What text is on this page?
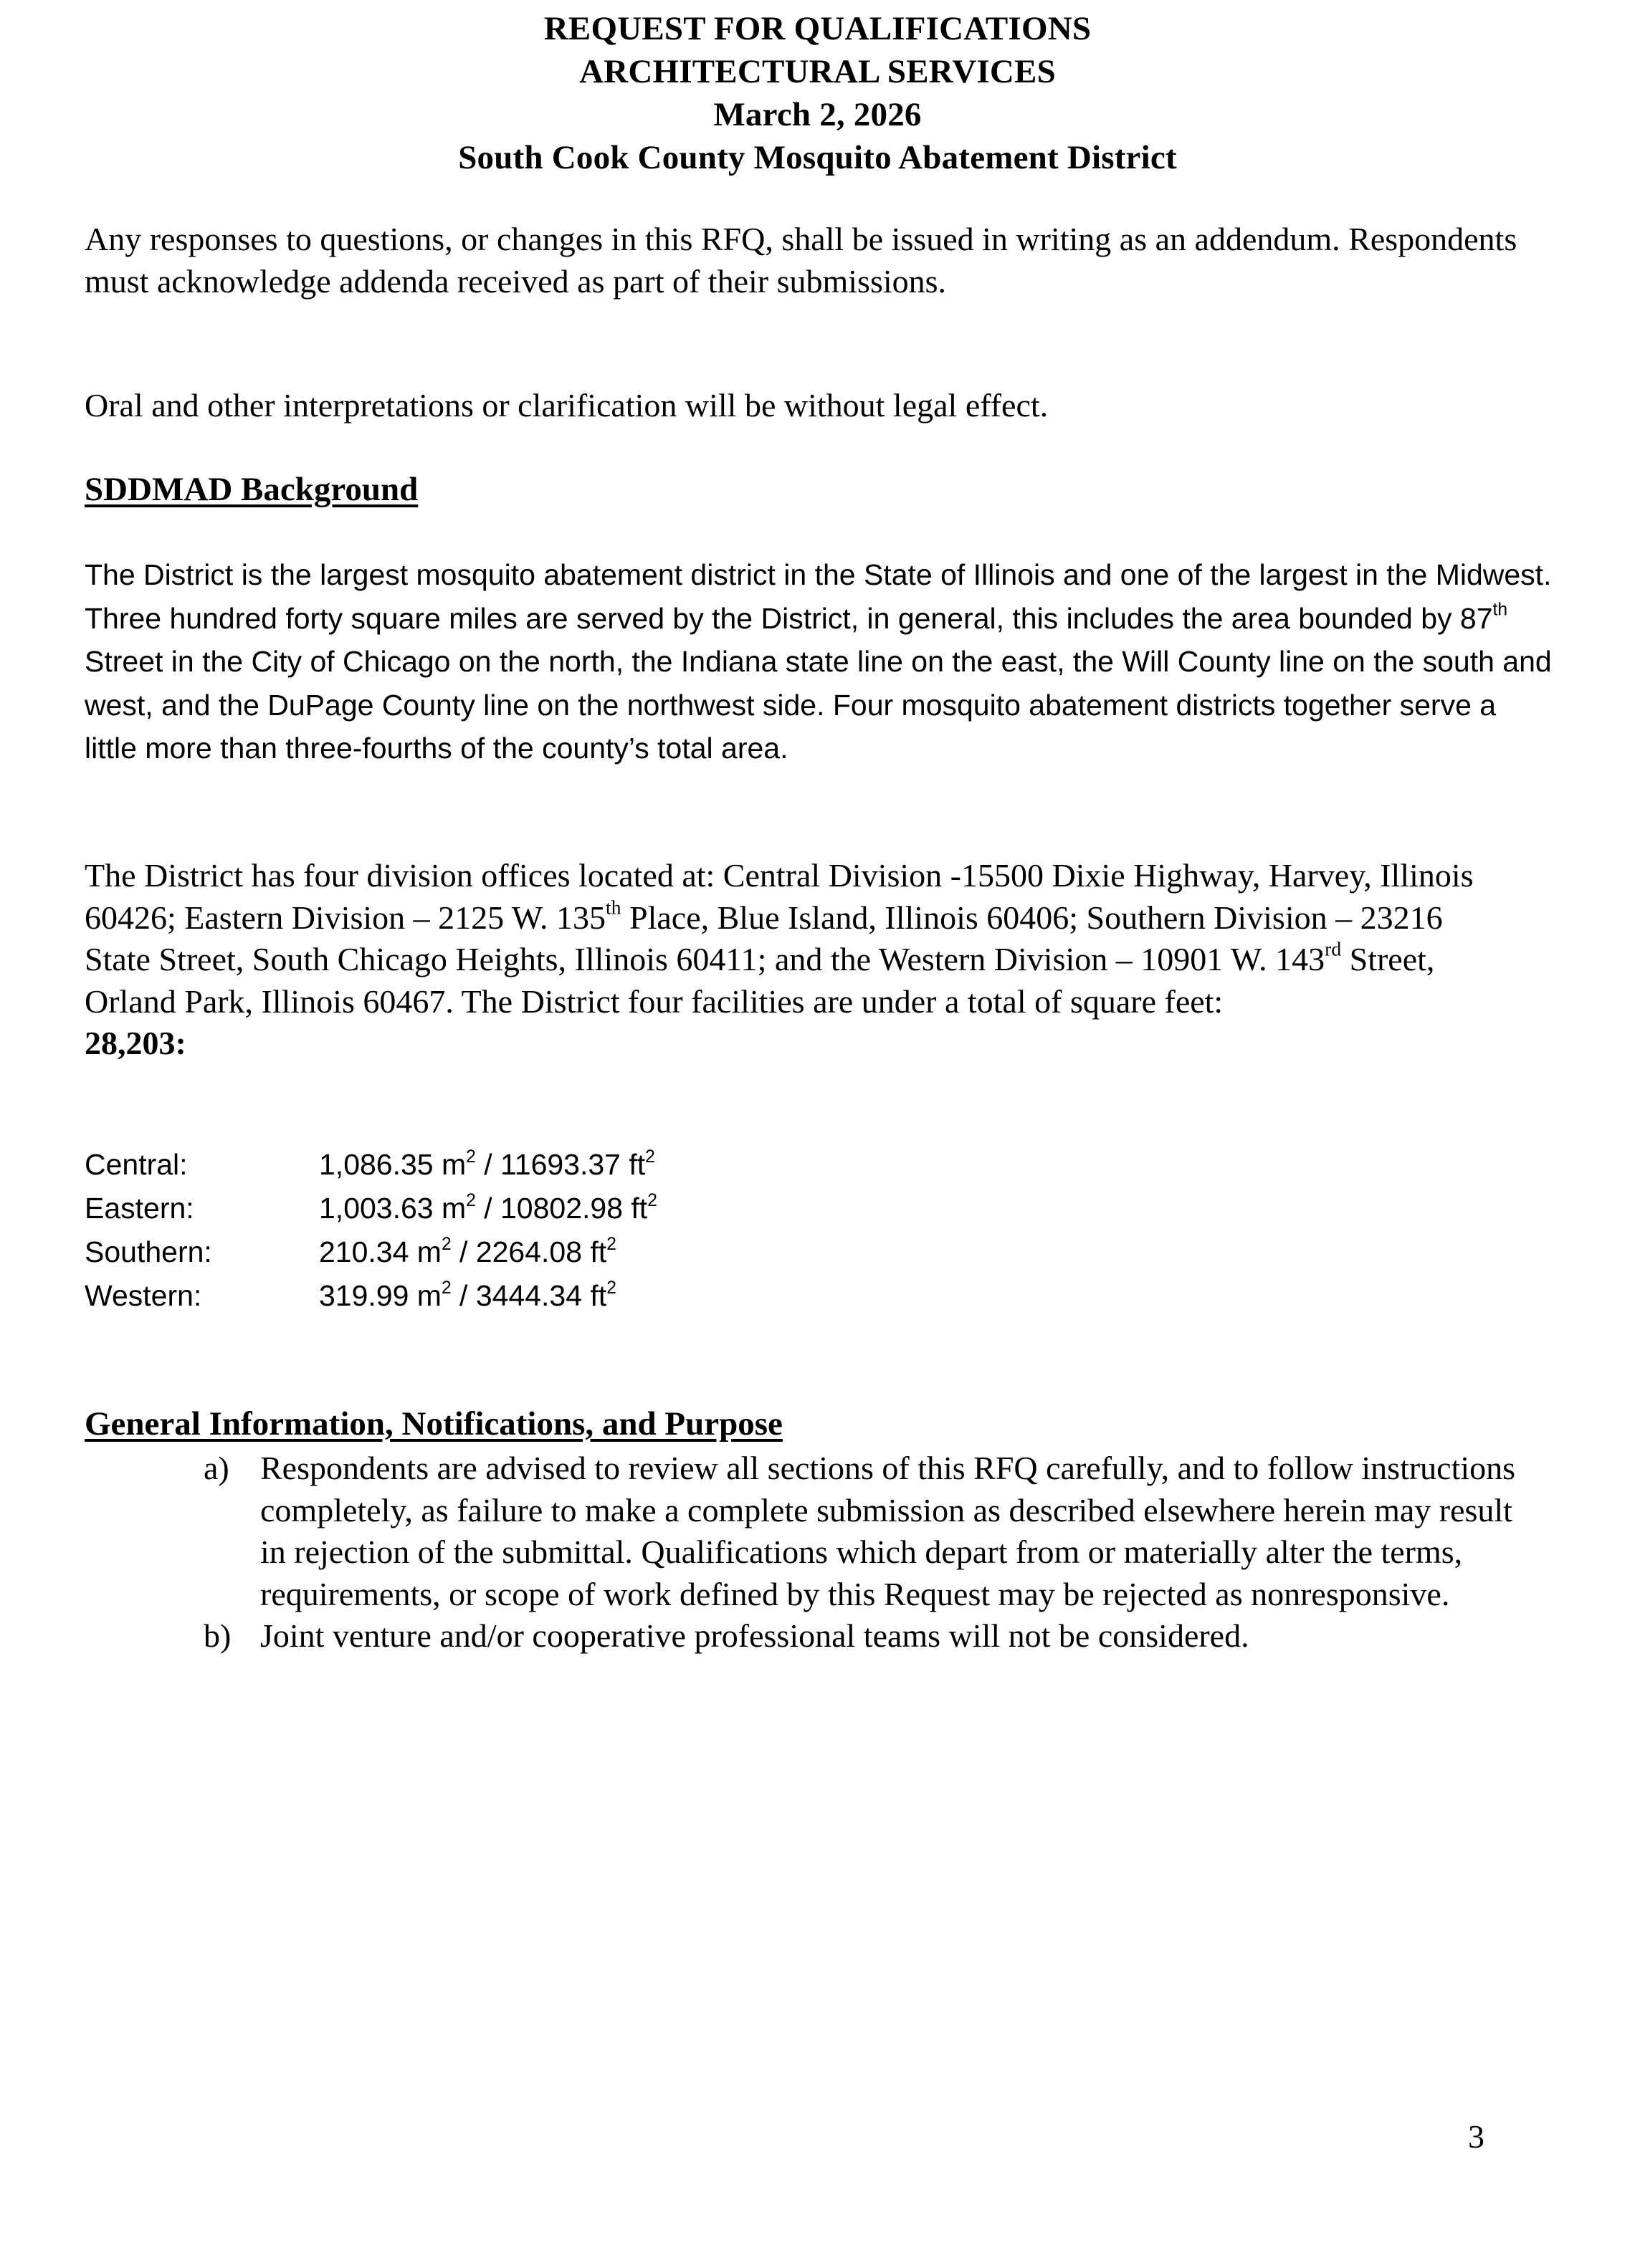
REQUEST FOR QUALIFICATIONS
ARCHITECTURAL SERVICES
March 2, 2026
South Cook County Mosquito Abatement District
Any responses to questions, or changes in this RFQ, shall be issued in writing as an addendum. Respondents must acknowledge addenda received as part of their submissions.
Oral and other interpretations or clarification will be without legal effect.
SDDMAD Background
The District is the largest mosquito abatement district in the State of Illinois and one of the largest in the Midwest. Three hundred forty square miles are served by the District, in general, this includes the area bounded by 87th Street in the City of Chicago on the north, the Indiana state line on the east, the Will County line on the south and west, and the DuPage County line on the northwest side. Four mosquito abatement districts together serve a little more than three-fourths of the county’s total area.
The District has four division offices located at: Central Division -15500 Dixie Highway, Harvey, Illinois 60426; Eastern Division – 2125 W. 135th Place, Blue Island, Illinois 60406; Southern Division – 23216 State Street, South Chicago Heights, Illinois 60411; and the Western Division – 10901 W. 143rd Street, Orland Park, Illinois 60467. The District four facilities are under a total of square feet:
28,203:
Central:	1,086.35 $m^2 / 11693.37$ $ft^2$
Eastern:	1,003.63 $m^2 / 10802.98$ $ft^2$
Southern:	210.34 $m^2 / 2264.08$ $ft^2$
Western:	319.99 $m^2 / 3444.34$ $ft^2$
General Information, Notifications, and Purpose
a) Respondents are advised to review all sections of this RFQ carefully, and to follow instructions completely, as failure to make a complete submission as described elsewhere herein may result in rejection of the submittal. Qualifications which depart from or materially alter the terms, requirements, or scope of work defined by this Request may be rejected as nonresponsive.
b) Joint venture and/or cooperative professional teams will not be considered.
3
